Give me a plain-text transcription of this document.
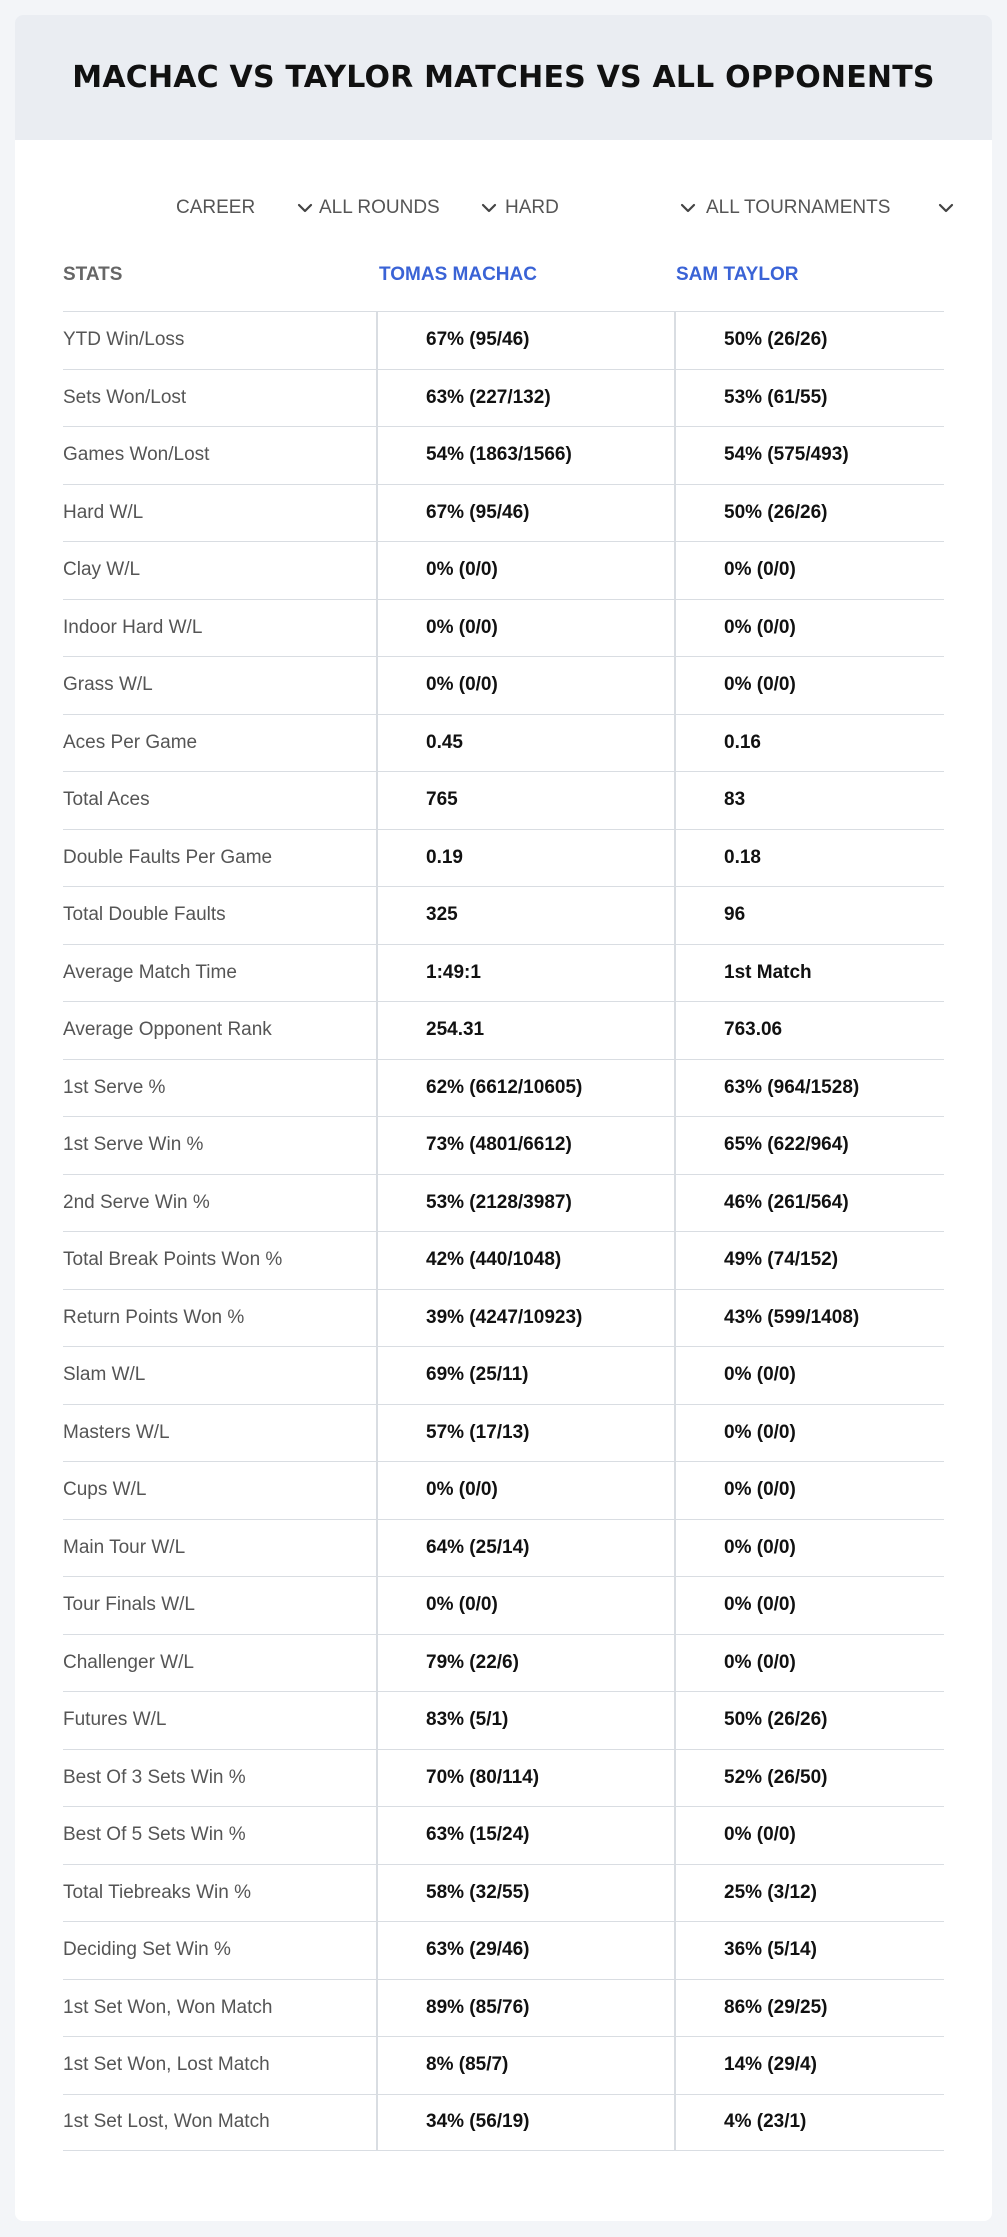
MACHAC VS TAYLOR MATCHES VS ALL OPPONENTS
CAREER	ALL ROUNDS	HARD	ALL TOURNAMENTS
STATS	TOMAS MACHAC	SAM TAYLOR
YTD Win/Loss	67% (95/46)	50% (26/26)
Sets Won/Lost	63% (227/132)	53% (61/55)
Games Won/Lost	54% (1863/1566)	54% (575/493)
Hard W/L	67% (95/46)	50% (26/26)
Clay W/L	0% (0/0)	0% (0/0)
Indoor Hard W/L	0% (0/0)	0% (0/0)
Grass W/L	0% (0/0)	0% (0/0)
Aces Per Game	0.45	0.16
Total Aces	765	83
Double Faults Per Game	0.19	0.18
Total Double Faults	325	96
Average Match Time	1:49:1	1st Match
Average Opponent Rank	254.31	763.06
1st Serve %	62% (6612/10605)	63% (964/1528)
1st Serve Win %	73% (4801/6612)	65% (622/964)
2nd Serve Win %	53% (2128/3987)	46% (261/564)
Total Break Points Won %	42% (440/1048)	49% (74/152)
Return Points Won %	39% (4247/10923)	43% (599/1408)
Slam W/L	69% (25/11)	0% (0/0)
Masters W/L	57% (17/13)	0% (0/0)
Cups W/L	0% (0/0)	0% (0/0)
Main Tour W/L	64% (25/14)	0% (0/0)
Tour Finals W/L	0% (0/0)	0% (0/0)
Challenger W/L	79% (22/6)	0% (0/0)
Futures W/L	83% (5/1)	50% (26/26)
Best Of 3 Sets Win %	70% (80/114)	52% (26/50)
Best Of 5 Sets Win %	63% (15/24)	0% (0/0)
Total Tiebreaks Win %	58% (32/55)	25% (3/12)
Deciding Set Win %	63% (29/46)	36% (5/14)
1st Set Won, Won Match	89% (85/76)	86% (29/25)
1st Set Won, Lost Match	8% (85/7)	14% (29/4)
1st Set Lost, Won Match	34% (56/19)	4% (23/1)
